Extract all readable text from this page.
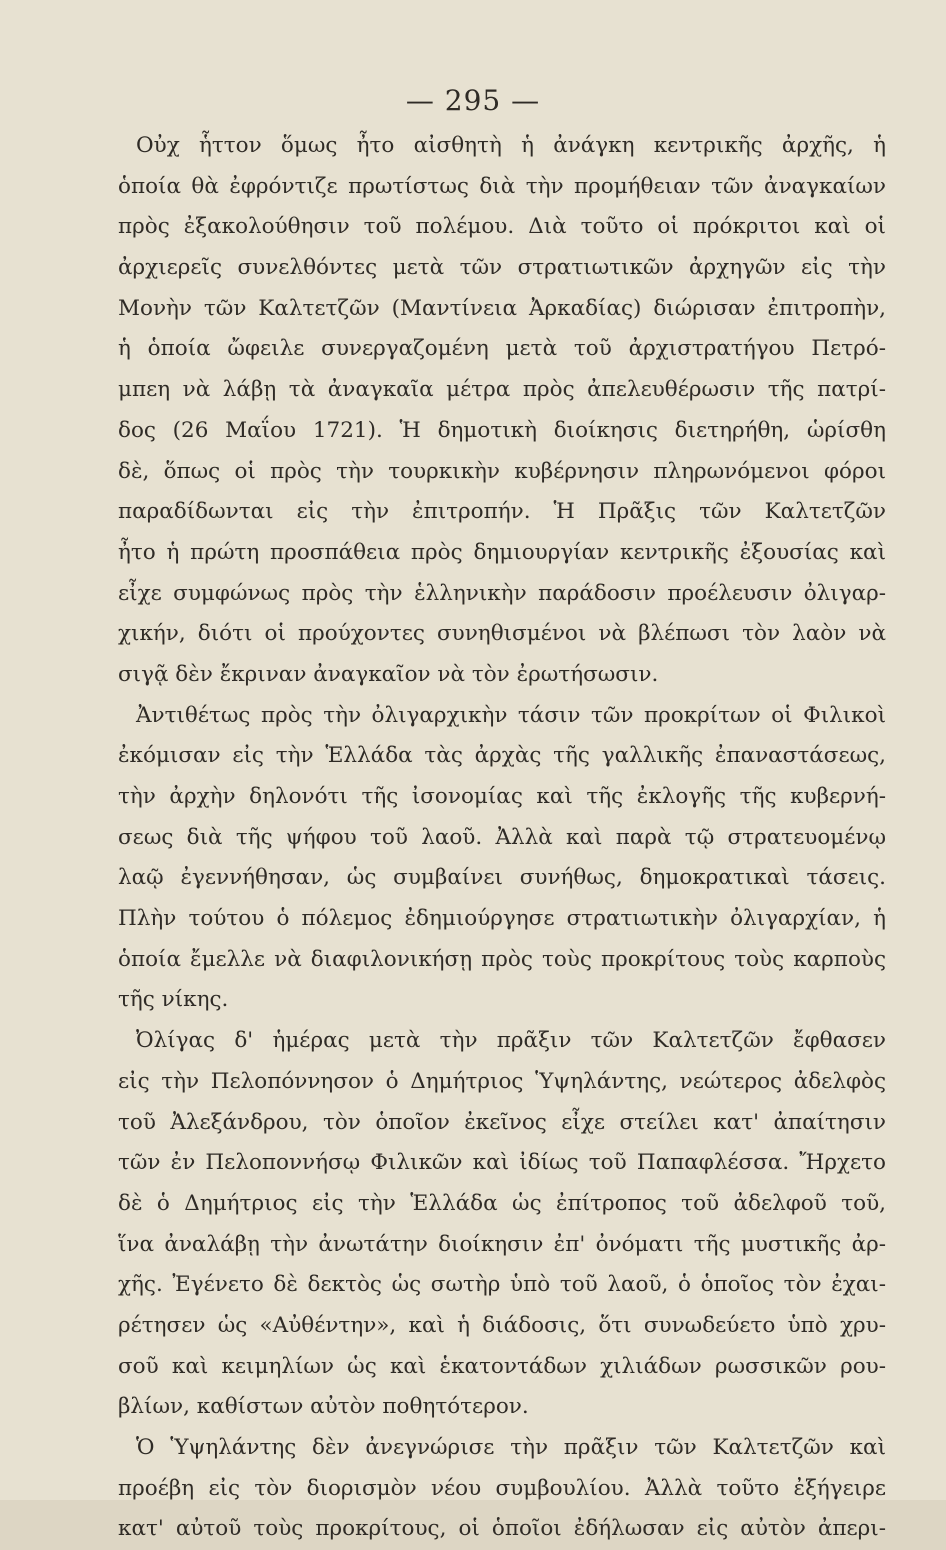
— 295 —
Οὐχ ἧττον ὅμως ἦτο αἰσθητὴ ἡ ἀνάγκη κεντρικῆς ἀρχῆς, ἡ
ὁποία θὰ ἐφρόντιζε πρωτίστως διὰ τὴν προμήθειαν τῶν ἀναγκαίων
πρὸς ἐξακολούθησιν τοῦ πολέμου. Διὰ τοῦτο οἱ πρόκριτοι καὶ οἱ
ἀρχιερεῖς συνελθόντες μετὰ τῶν στρατιωτικῶν ἀρχηγῶν εἰς τὴν
Μονὴν τῶν Καλτετζῶν (Μαντίνεια Ἀρκαδίας) διώρισαν ἐπιτροπὴν,
ἡ ὁποία ὤφειλε συνεργαζομένη μετὰ τοῦ ἀρχιστρατήγου Πετρό-
μπεη νὰ λάβῃ τὰ ἀναγκαῖα μέτρα πρὸς ἀπελευθέρωσιν τῆς πατρί-
δος (26 Μαΐου 1721). Ἡ δημοτικὴ διοίκησις διετηρήθη, ὡρίσθη
δὲ, ὅπως οἱ πρὸς τὴν τουρκικὴν κυβέρνησιν πληρωνόμενοι φόροι
παραδίδωνται εἰς τὴν ἐπιτροπήν. Ἡ Πρᾶξις τῶν Καλτετζῶν
ἦτο ἡ πρώτη προσπάθεια πρὸς δημιουργίαν κεντρικῆς ἐξουσίας καὶ
εἶχε συμφώνως πρὸς τὴν ἑλληνικὴν παράδοσιν προέλευσιν ὀλιγαρ-
χικήν, διότι οἱ προύχοντες συνηθισμένοι νὰ βλέπωσι τὸν λαὸν νὰ
σιγᾷ δὲν ἔκριναν ἀναγκαῖον νὰ τὸν ἐρωτήσωσιν.
Ἀντιθέτως πρὸς τὴν ὀλιγαρχικὴν τάσιν τῶν προκρίτων οἱ Φιλικοὶ
ἐκόμισαν εἰς τὴν Ἑλλάδα τὰς ἀρχὰς τῆς γαλλικῆς ἐπαναστάσεως,
τὴν ἀρχὴν δηλονότι τῆς ἰσονομίας καὶ τῆς ἐκλογῆς τῆς κυβερνή-
σεως διὰ τῆς ψήφου τοῦ λαοῦ. Ἀλλὰ καὶ παρὰ τῷ στρατευομένῳ
λαῷ ἐγεννήθησαν, ὡς συμβαίνει συνήθως, δημοκρατικαὶ τάσεις.
Πλὴν τούτου ὁ πόλεμος ἐδημιούργησε στρατιωτικὴν ὀλιγαρχίαν, ἡ
ὁποία ἔμελλε νὰ διαφιλονικήσῃ πρὸς τοὺς προκρίτους τοὺς καρποὺς
τῆς νίκης.
Ὀλίγας δ' ἡμέρας μετὰ τὴν πρᾶξιν τῶν Καλτετζῶν ἔφθασεν
εἰς τὴν Πελοπόννησον ὁ Δημήτριος Ὑψηλάντης, νεώτερος ἀδελφὸς
τοῦ Ἀλεξάνδρου, τὸν ὁποῖον ἐκεῖνος εἶχε στείλει κατ' ἀπαίτησιν
τῶν ἐν Πελοποννήσῳ Φιλικῶν καὶ ἰδίως τοῦ Παπαφλέσσα. Ἤρχετο
δὲ ὁ Δημήτριος εἰς τὴν Ἑλλάδα ὡς ἐπίτροπος τοῦ ἀδελφοῦ τοῦ,
ἵνα ἀναλάβῃ τὴν ἀνωτάτην διοίκησιν ἐπ' ὀνόματι τῆς μυστικῆς ἀρ-
χῆς. Ἐγένετο δὲ δεκτὸς ὡς σωτὴρ ὑπὸ τοῦ λαοῦ, ὁ ὁποῖος τὸν ἐχαι-
ρέτησεν ὡς «Αὐθέντην», καὶ ἡ διάδοσις, ὅτι συνωδεύετο ὑπὸ χρυ-
σοῦ καὶ κειμηλίων ὡς καὶ ἑκατοντάδων χιλιάδων ρωσσικῶν ρου-
βλίων, καθίστων αὐτὸν ποθητότερον.
Ὁ Ὑψηλάντης δὲν ἀνεγνώρισε τὴν πρᾶξιν τῶν Καλτετζῶν καὶ
προέβη εἰς τὸν διορισμὸν νέου συμβουλίου. Ἀλλὰ τοῦτο ἐξήγειρε
κατ' αὐτοῦ τοὺς προκρίτους, οἱ ὁποῖοι ἐδήλωσαν εἰς αὐτὸν ἀπερι-
